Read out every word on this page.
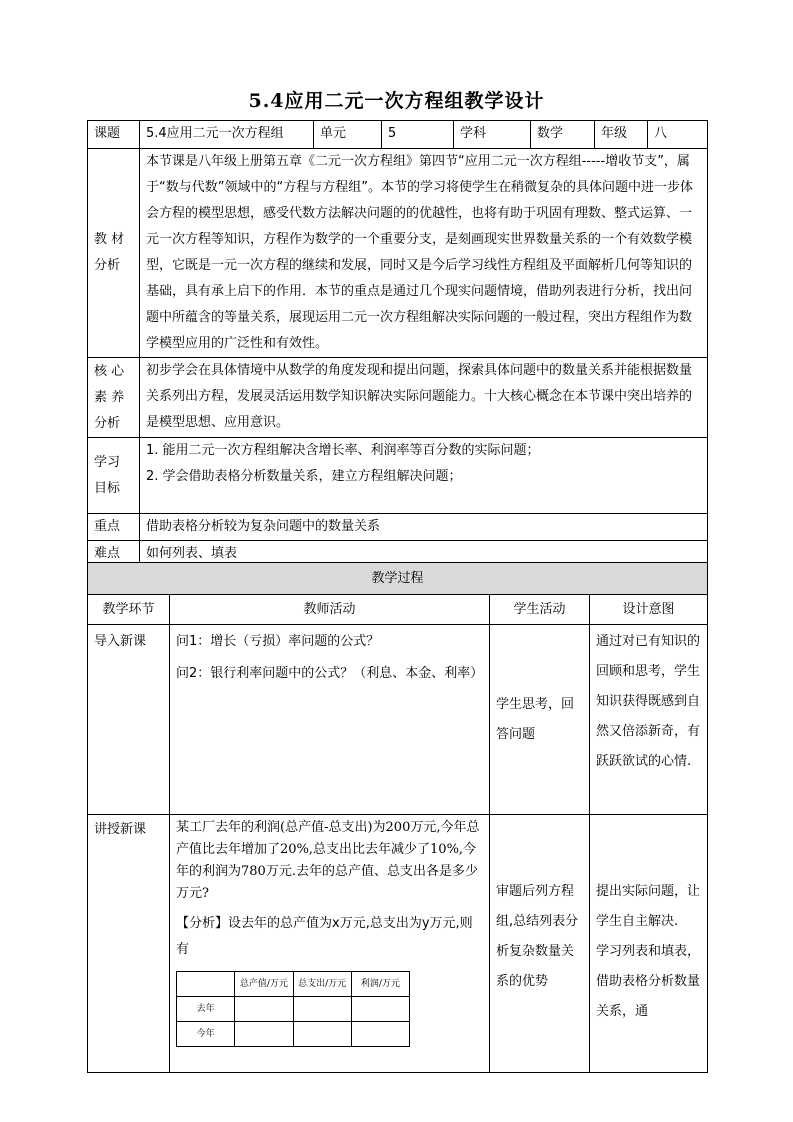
5.4应用二元一次方程组教学设计
课题	5.4应用二元一次方程组	单元	5	学科	数学	年级	八
教 材 分析	本节课是八年级上册第五章《二元一次方程组》第四节“应用二元一次方程组-----增收节支”，属于“数与代数”领域中的“方程与方程组”。本节的学习将使学生在稍微复杂的具体问题中进一步体会方程的模型思想，感受代数方法解决问题的的优越性，也将有助于巩固有理数、整式运算、一元一次方程等知识，方程作为数学的一个重要分支，是刻画现实世界数量关系的一个有效数学模型，它既是一元一次方程的继续和发展，同时又是今后学习线性方程组及平面解析几何等知识的基础，具有承上启下的作用．本节的重点是通过几个现实问题情境，借助列表进行分析，找出问题中所蕴含的等量关系，展现运用二元一次方程组解决实际问题的一般过程，突出方程组作为数学模型应用的广泛性和有效性。						
核 心 素 养 分析	初步学会在具体情境中从数学的角度发现和提出问题，探索具体问题中的数量关系并能根据数量关系列出方程，发展灵活运用数学知识解决实际问题能力。十大核心概念在本节课中突出培养的是模型思想、应用意识。						
学习 目标	1. 能用二元一次方程组解决含增长率、利润率等百分数的实际问题；
2. 学会借助表格分析数量关系，建立方程组解决问题；						

重点	借助表格分析较为复杂问题中的数量关系						
难点	如何列表、填表						
教学过程
教学环节	教师活动	学生活动	设计意图
导入新课	问1：增长（亏损）率问题的公式？
问2：银行利率问题中的公式？（利息、本金、利率）
	学生思考，回答问题	通过对已有知识的回顾和思考，学生知识获得既感到自然又倍添新奇，有跃跃欲试的心情.
讲授新课	某工厂去年的利润(总产值-总支出)为200万元,今年总产值比去年增加了20%,总支出比去年减少了10%,今年的利润为780万元.去年的总产值、总支出各是多少万元?
【分析】设去年的总产值为x万元,总支出为y万元,则有
	总产值/万元	总支出/万元	利润/万元
去年			
今年			
	审题后列方程组,总结列表分析复杂数量关系的优势	提出实际问题，让学生自主解决.
学习列表和填表，借助表格分析数量关系，通
